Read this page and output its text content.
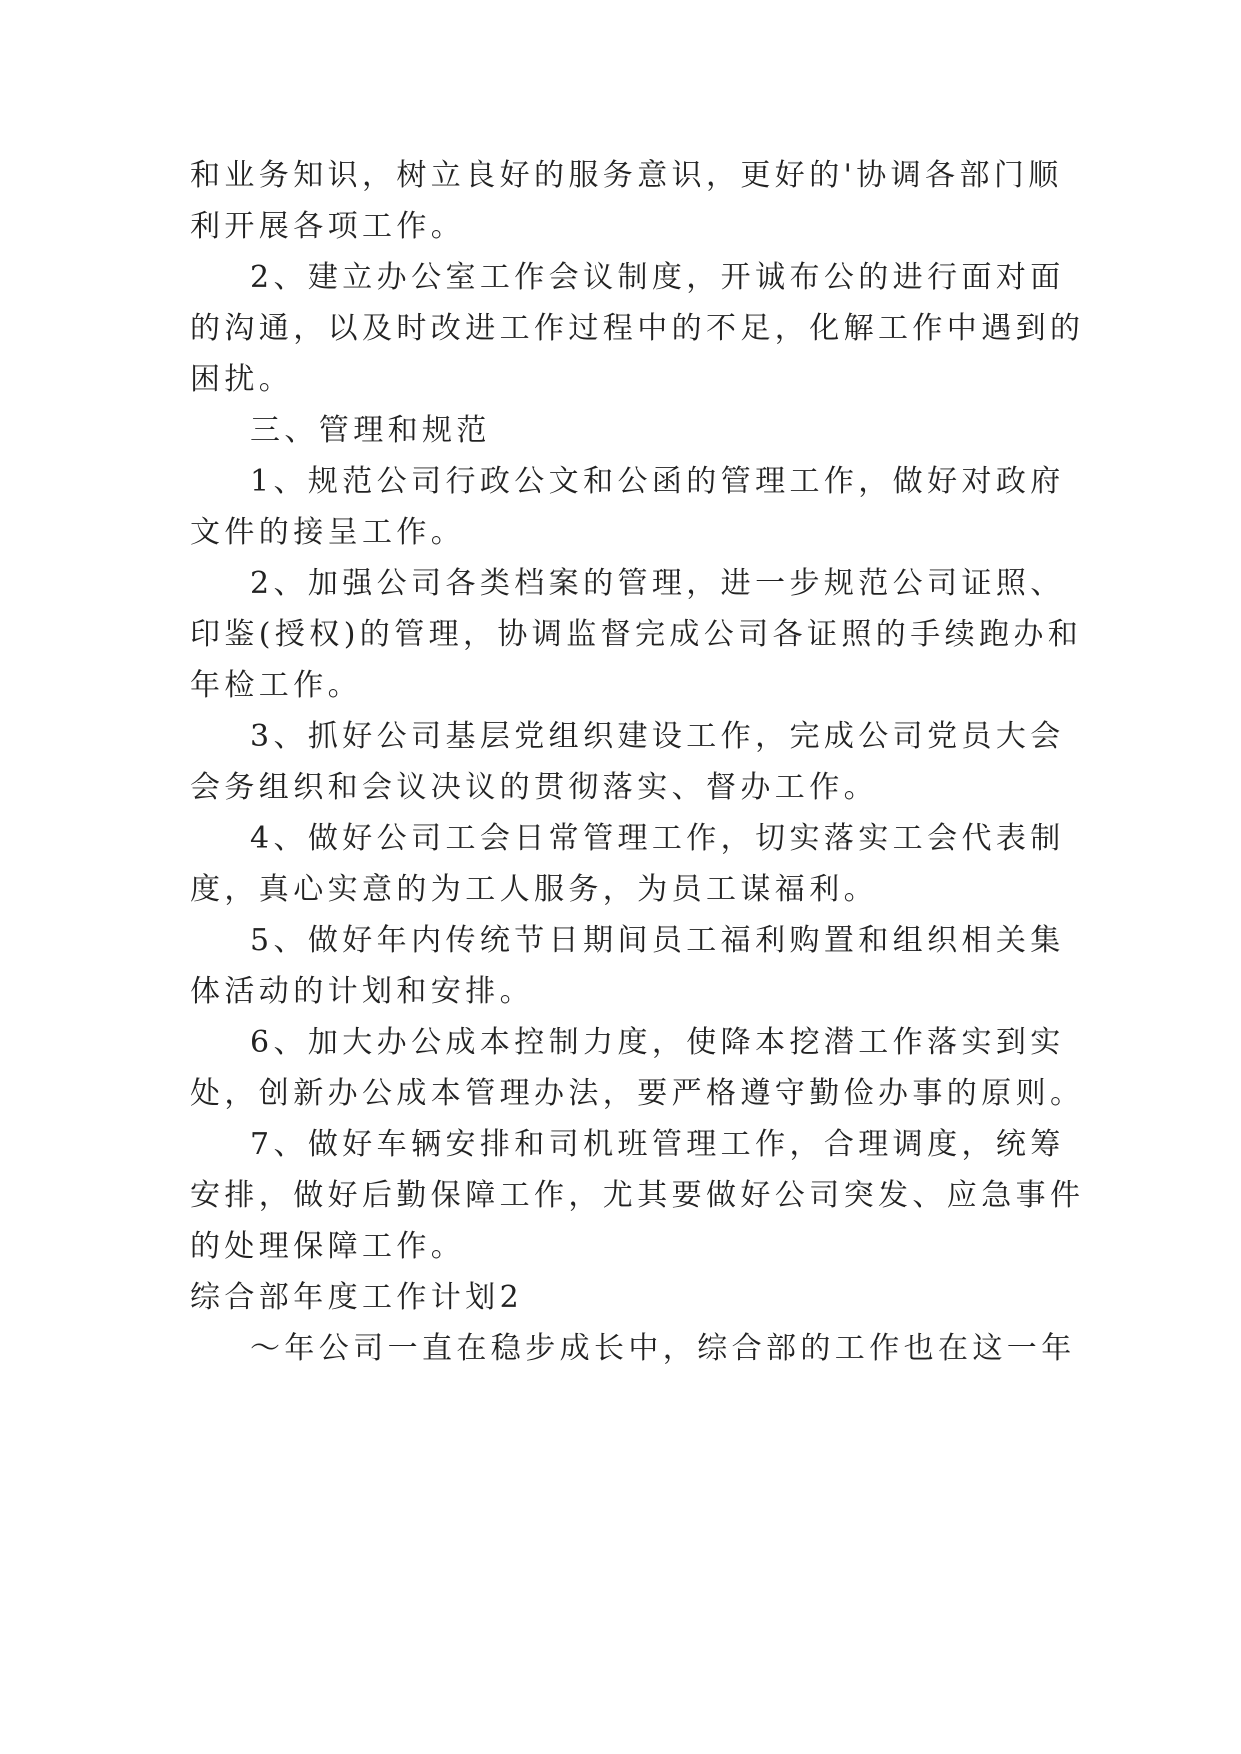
和业务知识，树立良好的服务意识，更好的'协调各部门顺
利开展各项工作。
2、建立办公室工作会议制度，开诚布公的进行面对面
的沟通，以及时改进工作过程中的不足，化解工作中遇到的
困扰。
三、管理和规范
1、规范公司行政公文和公函的管理工作，做好对政府
文件的接呈工作。
2、加强公司各类档案的管理，进一步规范公司证照、
印鉴(授权)的管理，协调监督完成公司各证照的手续跑办和
年检工作。
3、抓好公司基层党组织建设工作，完成公司党员大会
会务组织和会议决议的贯彻落实、督办工作。
4、做好公司工会日常管理工作，切实落实工会代表制
度，真心实意的为工人服务，为员工谋福利。
5、做好年内传统节日期间员工福利购置和组织相关集
体活动的计划和安排。
6、加大办公成本控制力度，使降本挖潜工作落实到实
处，创新办公成本管理办法，要严格遵守勤俭办事的原则。
7、做好车辆安排和司机班管理工作，合理调度，统筹
安排，做好后勤保障工作，尤其要做好公司突发、应急事件
的处理保障工作。
综合部年度工作计划2
～年公司一直在稳步成长中，综合部的工作也在这一年
